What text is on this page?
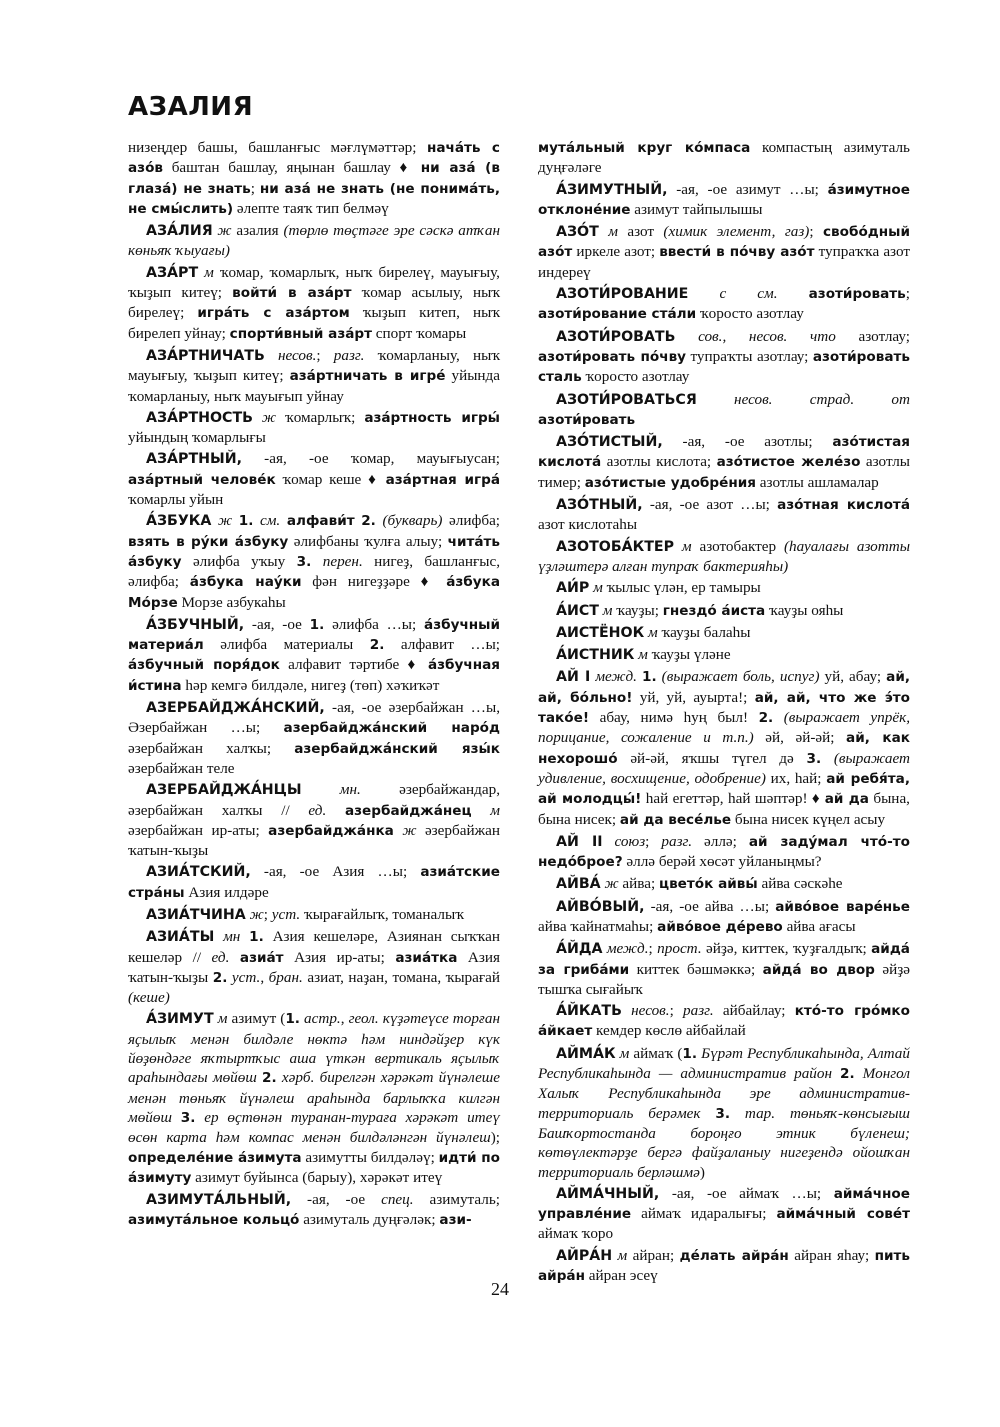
АЗАЛИЯ

низеңдер башы, башланғыс мәғлүмәттәр; нача́ть с азо́в баштан башлау, яңынан башлау ♦ ни аза́ (в глаза́) не знать; ни аза́ не знать (не понима́ть, не смы́слить) әлепте таяҡ тип белмәү

АЗА́ЛИЯ ж азалия (төрлө төҫтәге эре сәскә атҡан көньяҡ ҡыуағы)

АЗА́РТ м ҡомар, ҡомарлыҡ, ныҡ бирелеү, мауығыу, ҡыҙып китеү; войти́ в аза́рт ҡомар асылыу, ныҡ бирелеү; игра́ть с аза́ртом ҡыҙып китеп, ныҡ бирелеп уйнау; спорти́вный аза́рт спорт ҡомары

АЗА́РТНИЧАТЬ несов.; разг. ҡомарланыу, ныҡ мауығыу, ҡыҙып китеү; аза́ртничать в игре́ уйында ҡомарланыу, ныҡ мауығып уйнау

АЗА́РТНОСТЬ ж ҡомарлыҡ; аза́ртность игры́ уйындың ҡомарлығы

АЗА́РТНЫЙ, -ая, -ое ҡомар, мауығыусан; аза́ртный челове́к ҡомар кеше ♦ аза́ртная игра́ ҡомарлы уйын

А́ЗБУКА ж 1. см. алфави́т 2. (букварь) әлифба; взять в ру́ки а́збуку әлифбаны ҡулға алыу; чита́ть а́збуку әлифба уҡыу 3. перен. нигеҙ, башланғыс, әлифба; а́збука нау́ки фән нигеҙҙәре ♦ а́збука Мо́рзе Морзе азбукаһы

А́ЗБУЧНЫЙ, -ая, -ое 1. әлифба …ы; а́збучный материа́л әлифба материалы 2. алфавит …ы; а́збучный поря́док алфавит тәртибе ♦ а́збучная и́стина һәр кемгә билдәле, нигеҙ (төп) хәҡиҡәт

АЗЕРБАЙДЖА́НСКИЙ, -ая, -ое әзербайжан …ы, Әзербайжан …ы; азербайджа́нский наро́д әзербайжан халҡы; азербайджа́нский язы́к әзербайжан теле

АЗЕРБАЙДЖА́НЦЫ мн. әзербайжандар, әзербайжан халҡы // ед. азербайджа́нец м әзербайжан ир-аты; азербайджа́нка ж әзербайжан ҡатын-ҡыҙы

АЗИА́ТСКИЙ, -ая, -ое Азия …ы; азиа́тские стра́ны Азия илдәре

АЗИА́ТЧИНА ж; уст. ҡырағайлыҡ, томаналыҡ

АЗИА́ТЫ мн 1. Азия кешеләре, Азиянан сыҡҡан кешеләр // ед. азиа́т Азия ир-аты; азиа́тка Азия ҡатын-ҡыҙы 2. уст., бран. азиат, наҙан, томана, ҡырағай (кеше)

А́ЗИМУТ м азимут (1. астр., геол. күҙәтеүсе торған яҫылыҡ менән билдәле нөктә һәм ниндәйҙер күк йөҙөндәге яҡтыртҡыс аша үткән вертикаль яҫылыҡ араһындағы мөйөш 2. хәрб. бирелгән хәрәкәт йүнәлеше менән төньяҡ йүнәлеш араһында барлыҡҡа килгән мөйөш 3. ер өҫтөнән туранан-тураға хәрәкәт итеү өсөн карта һәм компас менән билдәләнгән йүнәлеш); определе́ние а́зимута азимутты билдәләү; идти́ по а́зимуту азимут буйынса (барыу), хәрәкәт итеү

АЗИМУТА́ЛЬНЫЙ, -ая, -ое спец. азимуталь; азимута́льное кольцо́ азимуталь дуңғәләк; ази-

мута́льный круг ко́мпаса компастың азимуталь дуңғәләге

А́ЗИМУТНЫЙ, -ая, -ое азимут …ы; а́зимутное отклоне́ние азимут тайпылышы

АЗО́Т м азот (химик элемент, газ); свобо́дный азо́т иркеле азот; ввести́ в по́чву азо́т тупраҡҡа азот индереү

АЗОТИ́РОВАНИЕ с см. азоти́ровать; азоти́рование ста́ли ҡоросто азотлау

АЗОТИ́РОВАТЬ сов., несов. что азотлау; азоти́ровать по́чву тупраҡты азотлау; азоти́ровать сталь ҡоросто азотлау

АЗОТИ́РОВАТЬСЯ несов. страд. от азоти́ровать

АЗО́ТИСТЫЙ, -ая, -ое азотлы; азо́тистая кислота́ азотлы кислота; азо́тистое желе́зо азотлы тимер; азо́тистые удобре́ния азотлы ашламалар

АЗО́ТНЫЙ, -ая, -ое азот …ы; азо́тная кислота́ азот кислотаһы

АЗОТОБА́КТЕР м азотобактер (һауалағы азотты үҙләштерә алған тупраҡ бактерияһы)

АИ́Р м ҡылыс үлән, ер тамыры

А́ИСТ м ҡауҙы; гнездо́ а́иста ҡауҙы ояһы

АИСТЁНОК м ҡауҙы балаһы

А́ИСТНИК м ҡауҙы үләне

АЙ I межд. 1. (выражает боль, испуг) уй, абау; ай, ай, бо́льно! уй, уй, ауырта!; ай, ай, что же э́то тако́е! абау, нимә һуң был! 2. (выражает упрёк, порицание, сожаление и т.п.) әй, әй-әй; ай, как нехорошо́ әй-әй, яҡшы түгел дә 3. (выражает удивление, восхищение, одобрение) их, һай; ай ребя́та, ай молодцы́! һай егеттәр, һай шәптәр! ♦ ай да бына, бына нисек; ай да весе́лье бына нисек күңел асыу

АЙ II союз; разг. әллә; ай заду́мал что́-то недо́брое? әллә берәй хөсәт уйланыңмы?

АЙВА́ ж айва; цвето́к айвы́ айва сәскәһе

АЙВО́ВЫЙ, -ая, -ое айва …ы; айво́вое варе́нье айва ҡайнатмаһы; айво́вое де́рево айва ағасы

А́ЙДА межд.; прост. әйҙә, киттек, ҡуҙғалдыҡ; айда́ за гриба́ми киттек бәшмәккә; айда́ во двор әйҙә тышҡа сығайыҡ

А́ЙКАТЬ несов.; разг. айбайлау; кто́-то гро́мко а́йкает кемдер көслө айбайлай

АЙМА́К м аймаҡ (1. Бүрәт Республикаһында, Алтай Республикаһында — административ район 2. Монгол Халыҡ Республикаһында эре административ-территориаль берәмек 3. тар. төньяҡ-көнсығыш Башҡортостанда бороңғо этник бүленеш; көтөүлектәрҙе бергә файҙаланыу нигеҙендә ойошҡан территориаль берләшмә)

АЙМА́ЧНЫЙ, -ая, -ое аймаҡ …ы; айма́чное управле́ние аймаҡ идаралығы; айма́чный сове́т аймаҡ ҡоро

АЙРА́Н м айран; де́лать айра́н айран яһау; пить айра́н айран эсеү

24
